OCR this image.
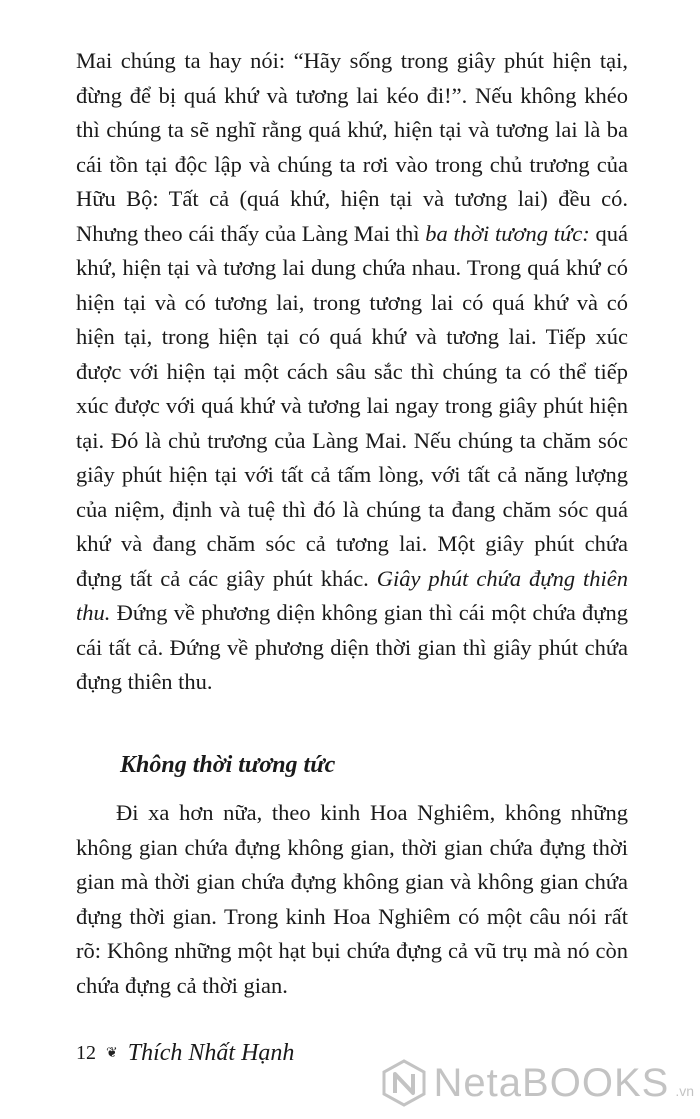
Mai chúng ta hay nói: “Hãy sống trong giây phút hiện tại, đừng để bị quá khứ và tương lai kéo đi!”. Nếu không khéo thì chúng ta sẽ nghĩ rằng quá khứ, hiện tại và tương lai là ba cái tồn tại độc lập và chúng ta rơi vào trong chủ trương của Hữu Bộ: Tất cả (quá khứ, hiện tại và tương lai) đều có. Nhưng theo cái thấy của Làng Mai thì ba thời tương tức: quá khứ, hiện tại và tương lai dung chứa nhau. Trong quá khứ có hiện tại và có tương lai, trong tương lai có quá khứ và có hiện tại, trong hiện tại có quá khứ và tương lai. Tiếp xúc được với hiện tại một cách sâu sắc thì chúng ta có thể tiếp xúc được với quá khứ và tương lai ngay trong giây phút hiện tại. Đó là chủ trương của Làng Mai. Nếu chúng ta chăm sóc giây phút hiện tại với tất cả tấm lòng, với tất cả năng lượng của niệm, định và tuệ thì đó là chúng ta đang chăm sóc quá khứ và đang chăm sóc cả tương lai. Một giây phút chứa đựng tất cả các giây phút khác. Giây phút chứa đựng thiên thu. Đứng về phương diện không gian thì cái một chứa đựng cái tất cả. Đứng về phương diện thời gian thì giây phút chứa đựng thiên thu.

Không thời tương tức

Đi xa hơn nữa, theo kinh Hoa Nghiêm, không những không gian chứa đựng không gian, thời gian chứa đựng thời gian mà thời gian chứa đựng không gian và không gian chứa đựng thời gian. Trong kinh Hoa Nghiêm có một câu nói rất rõ: Không những một hạt bụi chứa đựng cả vũ trụ mà nó còn chứa đựng cả thời gian.

12 ❦ Thích Nhất Hạnh
NetaBOOKS .vn
